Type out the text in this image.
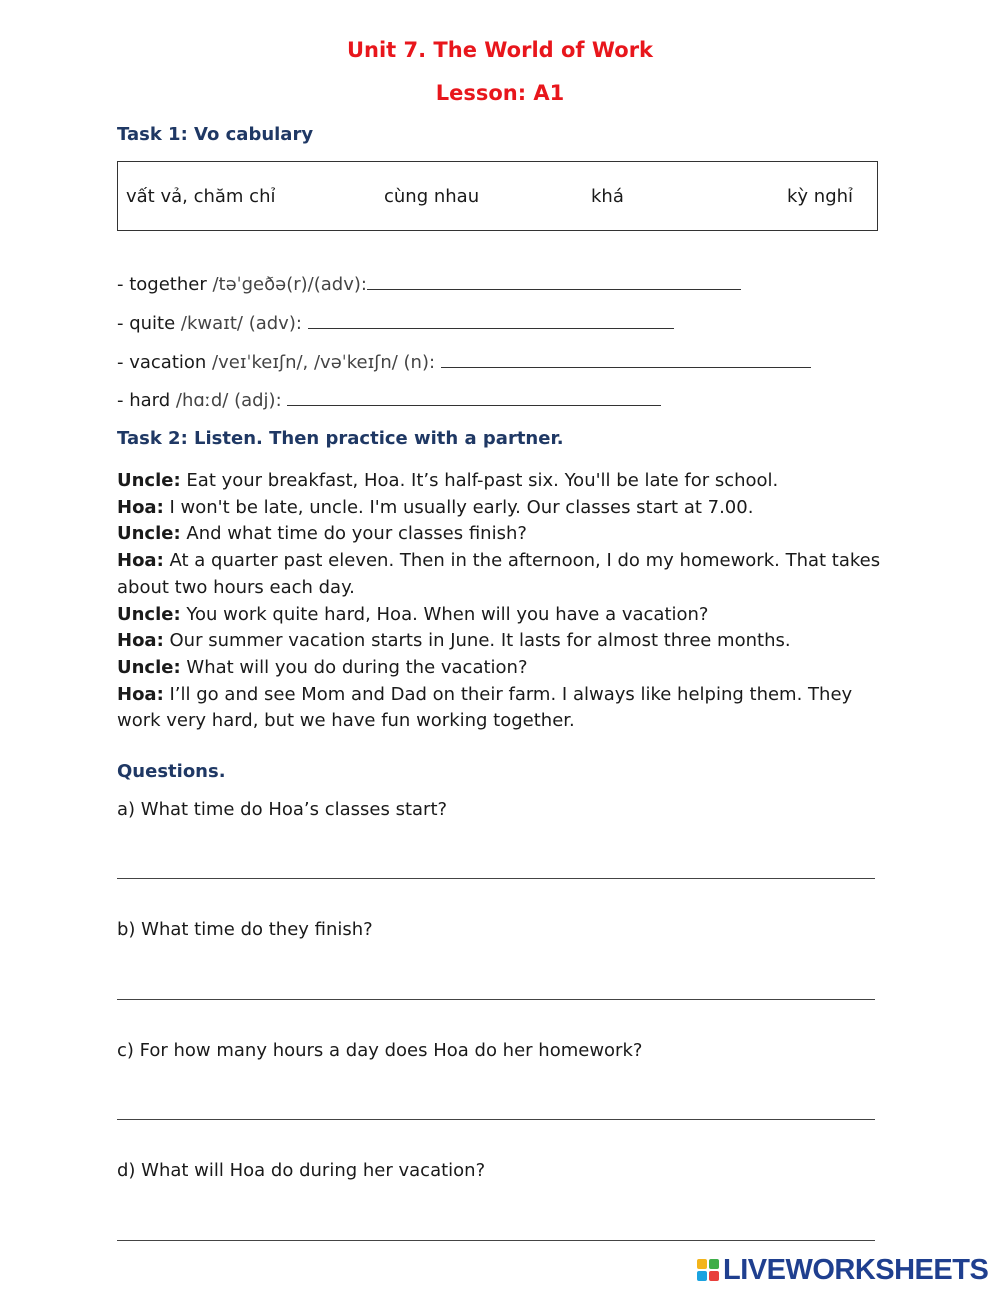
Unit 7. The World of Work
Lesson: A1
Task 1: Vo cabulary
vất vả, chăm chỉ	cùng nhau	khá	kỳ nghỉ
- together /təˈgeðə(r)/(adv):
- quite /kwaɪt/ (adv):
- vacation /veɪˈkeɪʃn/, /vəˈkeɪʃn/ (n):
- hard /hɑːd/ (adj):
Task 2: Listen. Then practice with a partner.

Uncle: Eat your breakfast, Hoa. It’s half-past six. You'll be late for school.

Hoa: I won't be late, uncle. I'm usually early. Our classes start at 7.00.

Uncle: And what time do your classes finish?

Hoa: At a quarter past eleven. Then in the afternoon, I do my homework. That takes about two hours each day.

Uncle: You work quite hard, Hoa. When will you have a vacation?

Hoa: Our summer vacation starts in June. It lasts for almost three months.

Uncle: What will you do during the vacation?

Hoa: I’ll go and see Mom and Dad on their farm. I always like helping them. They work very hard, but we have fun working together.

Questions.
a) What time do Hoa’s classes start?
b) What time do they finish?
c) For how many hours a day does Hoa do her homework?
d) What will Hoa do during her vacation?
LIVEWORKSHEETS
